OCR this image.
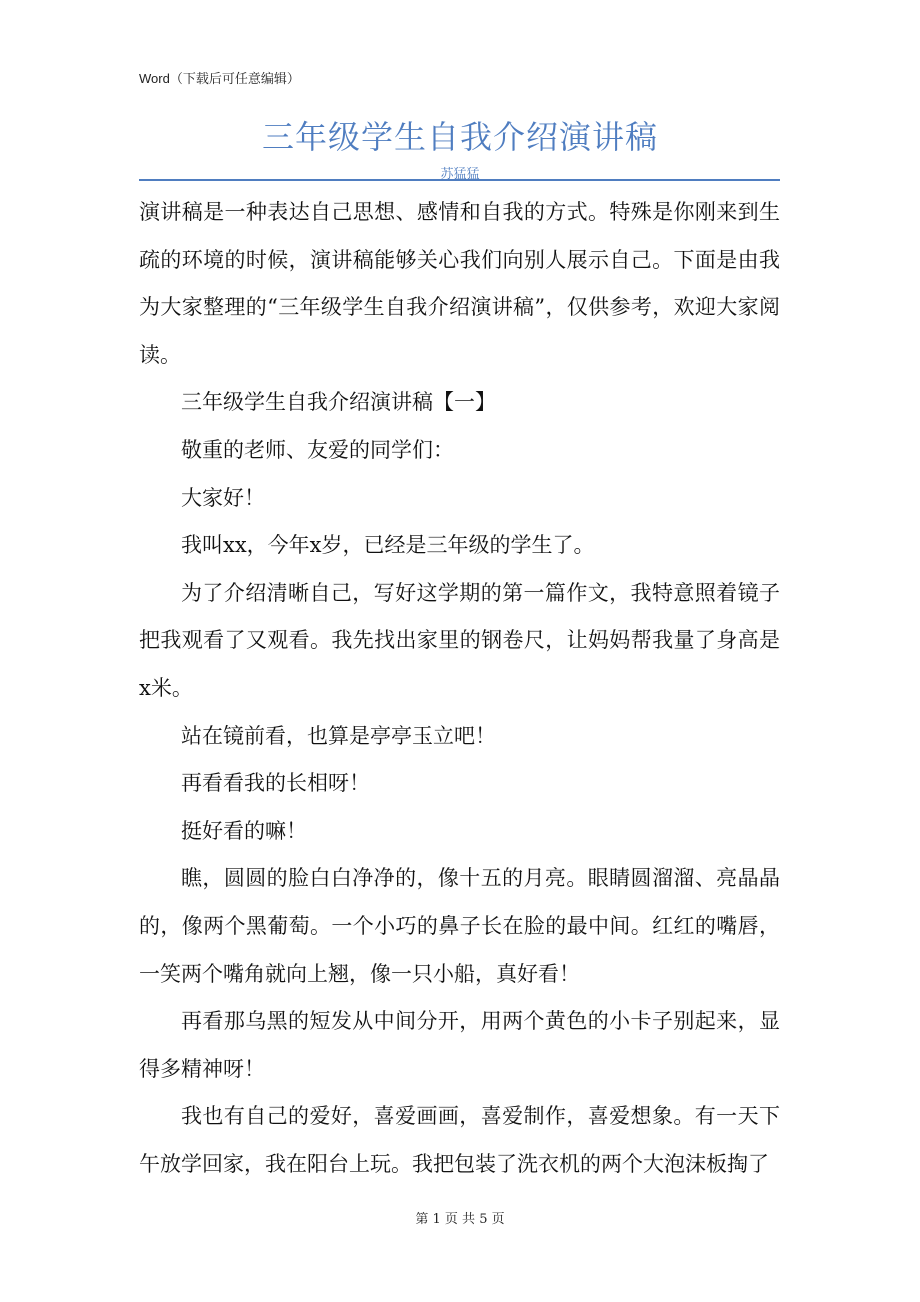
Word（下载后可任意编辑）
三年级学生自我介绍演讲稿
苏猛猛

演讲稿是一种表达自己思想、感情和自我的方式。特殊是你刚来到生疏的环境的时候，演讲稿能够关心我们向别人展示自己。下面是由我为大家整理的“三年级学生自我介绍演讲稿”，仅供参考，欢迎大家阅读。

三年级学生自我介绍演讲稿【一】

敬重的老师、友爱的同学们：

大家好！

我叫xx，今年x岁，已经是三年级的学生了。

为了介绍清晰自己，写好这学期的第一篇作文，我特意照着镜子把我观看了又观看。我先找出家里的钢卷尺，让妈妈帮我量了身高是x米。

站在镜前看，也算是亭亭玉立吧！

再看看我的长相呀！

挺好看的嘛！

瞧，圆圆的脸白白净净的，像十五的月亮。眼睛圆溜溜、亮晶晶的，像两个黑葡萄。一个小巧的鼻子长在脸的最中间。红红的嘴唇，一笑两个嘴角就向上翘，像一只小船，真好看！

再看那乌黑的短发从中间分开，用两个黄色的小卡子别起来，显得多精神呀！

我也有自己的爱好，喜爱画画，喜爱制作，喜爱想象。有一天下午放学回家，我在阳台上玩。我把包装了洗衣机的两个大泡沫板掏了

第 1 页 共 5 页
